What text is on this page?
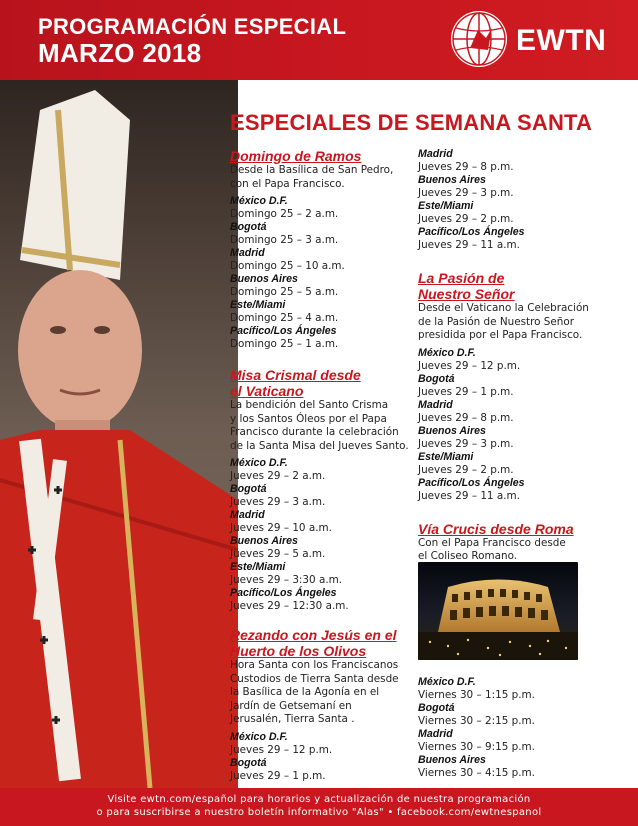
PROGRAMACIÓN ESPECIAL
MARZO 2018	EWTN
ESPECIALES DE SEMANA SANTA
Domingo de Ramos
Desde la Basílica de San Pedro,
con el Papa Francisco.
México D.F.
Domingo 25 – 2 a.m.
Bogotá
Domingo 25 – 3 a.m.
Madrid
Domingo 25 – 10 a.m.
Buenos Aires
Domingo 25 – 5 a.m.
Este/Miami
Domingo 25 – 4 a.m.
Pacífico/Los Ángeles
Domingo 25 – 1 a.m.
Misa Crismal desde
el Vaticano
La bendición del Santo Crisma
y los Santos Óleos por el Papa
Francisco durante la celebración
de la Santa Misa del Jueves Santo.
México D.F.
Jueves 29 – 2 a.m.
Bogotá
Jueves 29 – 3 a.m.
Madrid
Jueves 29 – 10 a.m.
Buenos Aires
Jueves 29 – 5 a.m.
Este/Miami
Jueves 29 – 3:30 a.m.
Pacífico/Los Ángeles
Jueves 29 – 12:30 a.m.
Rezando con Jesús en el
Huerto de los Olivos
Hora Santa con los Franciscanos
Custodios de Tierra Santa desde
la Basílica de la Agonía en el
Jardín de Getsemaní en
Jerusalén, Tierra Santa .
México D.F.
Jueves 29 – 12 p.m.
Bogotá
Jueves 29 – 1 p.m.
Madrid
Jueves 29 – 8 p.m.
Buenos Aires
Jueves 29 – 3 p.m.
Este/Miami
Jueves 29 – 2 p.m.
Pacífico/Los Ángeles
Jueves 29 – 11 a.m.
La Pasión de
Nuestro Señor
Desde el Vaticano la Celebración
de la Pasión de Nuestro Señor
presidida por el Papa Francisco.
México D.F.
Jueves 29 – 12 p.m.
Bogotá
Jueves 29 – 1 p.m.
Madrid
Jueves 29 – 8 p.m.
Buenos Aires
Jueves 29 – 3 p.m.
Este/Miami
Jueves 29 – 2 p.m.
Pacífico/Los Ángeles
Jueves 29 – 11 a.m.
Vía Crucis desde Roma
Con el Papa Francisco desde
el Coliseo Romano.
México D.F.
Viernes 30 – 1:15 p.m.
Bogotá
Viernes 30 – 2:15 p.m.
Madrid
Viernes 30 – 9:15 p.m.
Buenos Aires
Viernes 30 – 4:15 p.m.
Visite ewtn.com/español para horarios y actualización de nuestra programación
o para suscribirse a nuestro boletín informativo "Alas" • facebook.com/ewtnespanol
